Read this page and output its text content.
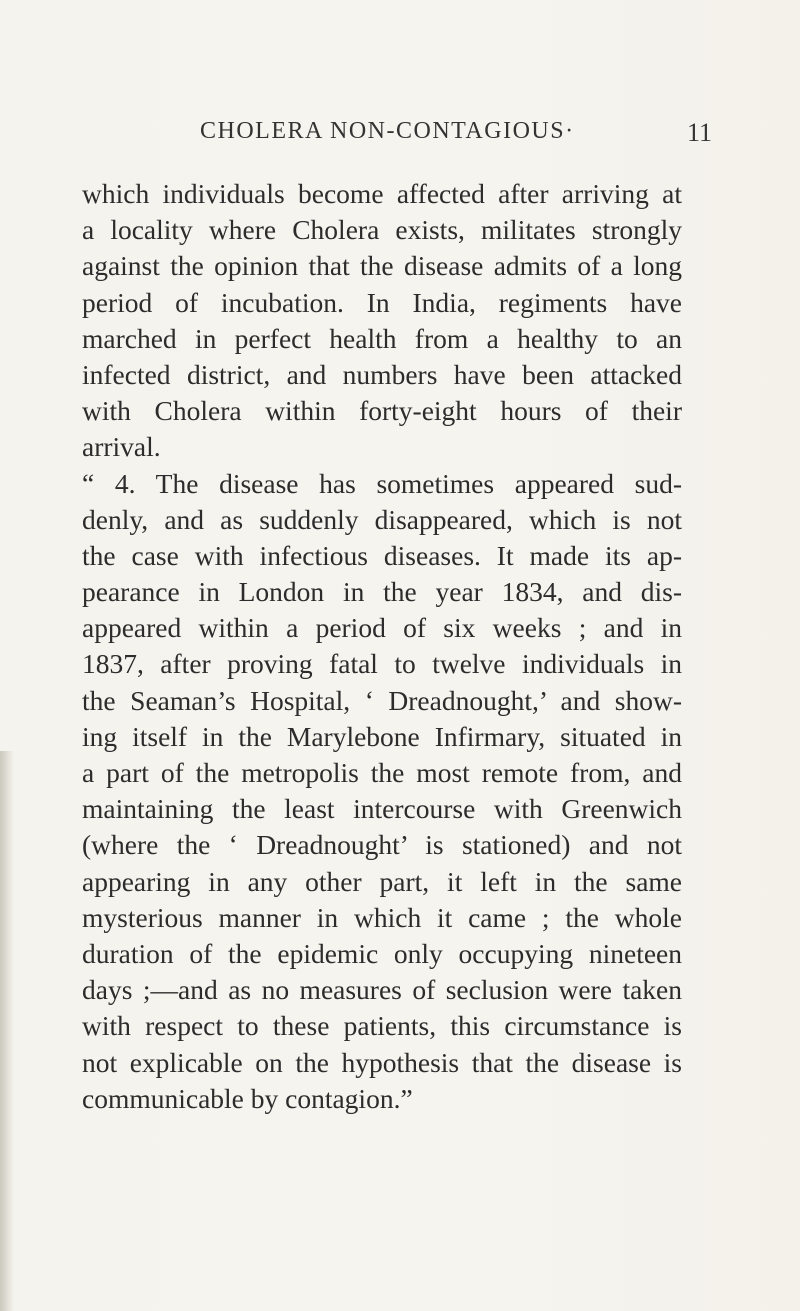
CHOLERA NON-CONTAGIOUS·	11
which individuals become affected after arriving at
a locality where Cholera exists, militates strongly
against the opinion that the disease admits of a long
period of incubation. In India, regiments have
marched in perfect health from a healthy to an
infected district, and numbers have been attacked
with Cholera within forty-eight hours of their
arrival.
“ 4. The disease has sometimes appeared sud-
denly, and as suddenly disappeared, which is not
the case with infectious diseases. It made its ap-
pearance in London in the year 1834, and dis-
appeared within a period of six weeks ; and in
1837, after proving fatal to twelve individuals in
the Seaman’s Hospital, ‘ Dreadnought,’ and show-
ing itself in the Marylebone Infirmary, situated in
a part of the metropolis the most remote from, and
maintaining the least intercourse with Greenwich
(where the ‘ Dreadnought’ is stationed) and not
appearing in any other part, it left in the same
mysterious manner in which it came ; the whole
duration of the epidemic only occupying nineteen
days ;—and as no measures of seclusion were taken
with respect to these patients, this circumstance is
not explicable on the hypothesis that the disease is
communicable by contagion.”
